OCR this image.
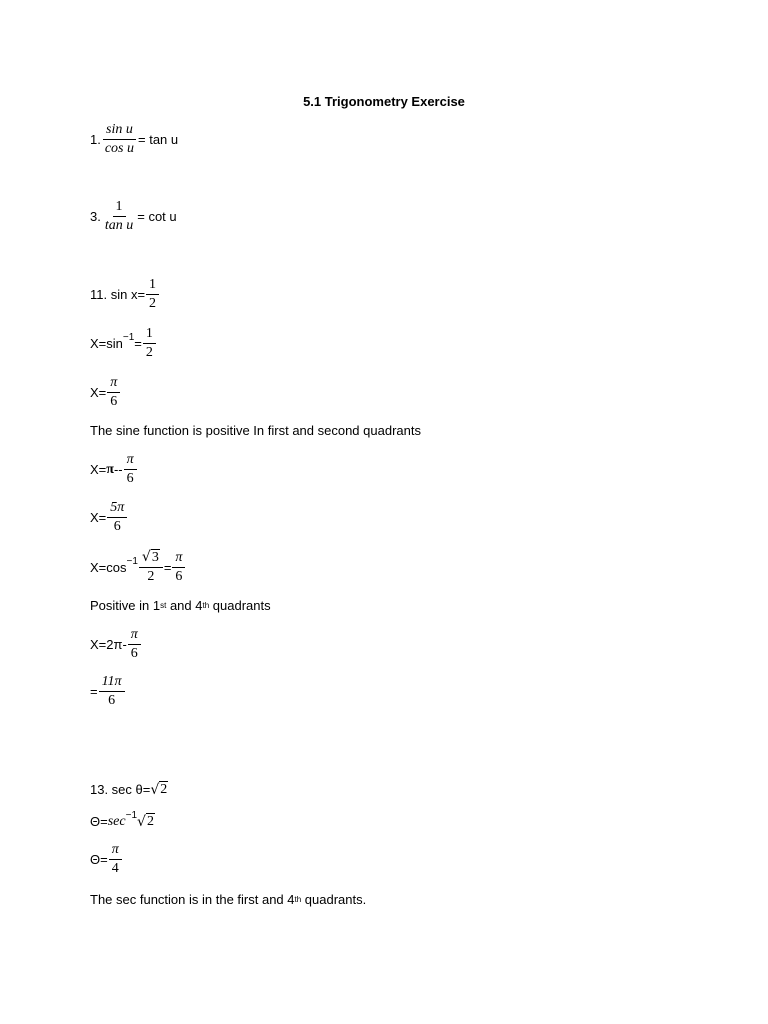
5.1 Trigonometry Exercise
1. $\frac{\text{sin u}}{\text{cos u}} = \tan u$
3. $\frac{1}{\text{tan u}} = \cot u$
11. $\sin x= \frac{1}{2}$
$X=\sin -1 = \frac{1}{2}$
$X= \frac{\pi}{6}$
The sine function is positive In first and second quadrants
$X= \pi -- \frac{\pi}{6}$
$X= \frac{5\pi}{6}$
$X=\cos -1 \frac{√3}{2} = \frac{\pi}{6}$
Positive in 1 st and 4 th quadrants
$X=2\pi- \frac{\pi}{6}$
= $\frac{11\pi}{6}$
13. sec θ= √ 2
Θ= sec −1 √ 2
$\Theta= \frac{\pi}{4}$
The sec function is in the first and 4 th quadrants.
